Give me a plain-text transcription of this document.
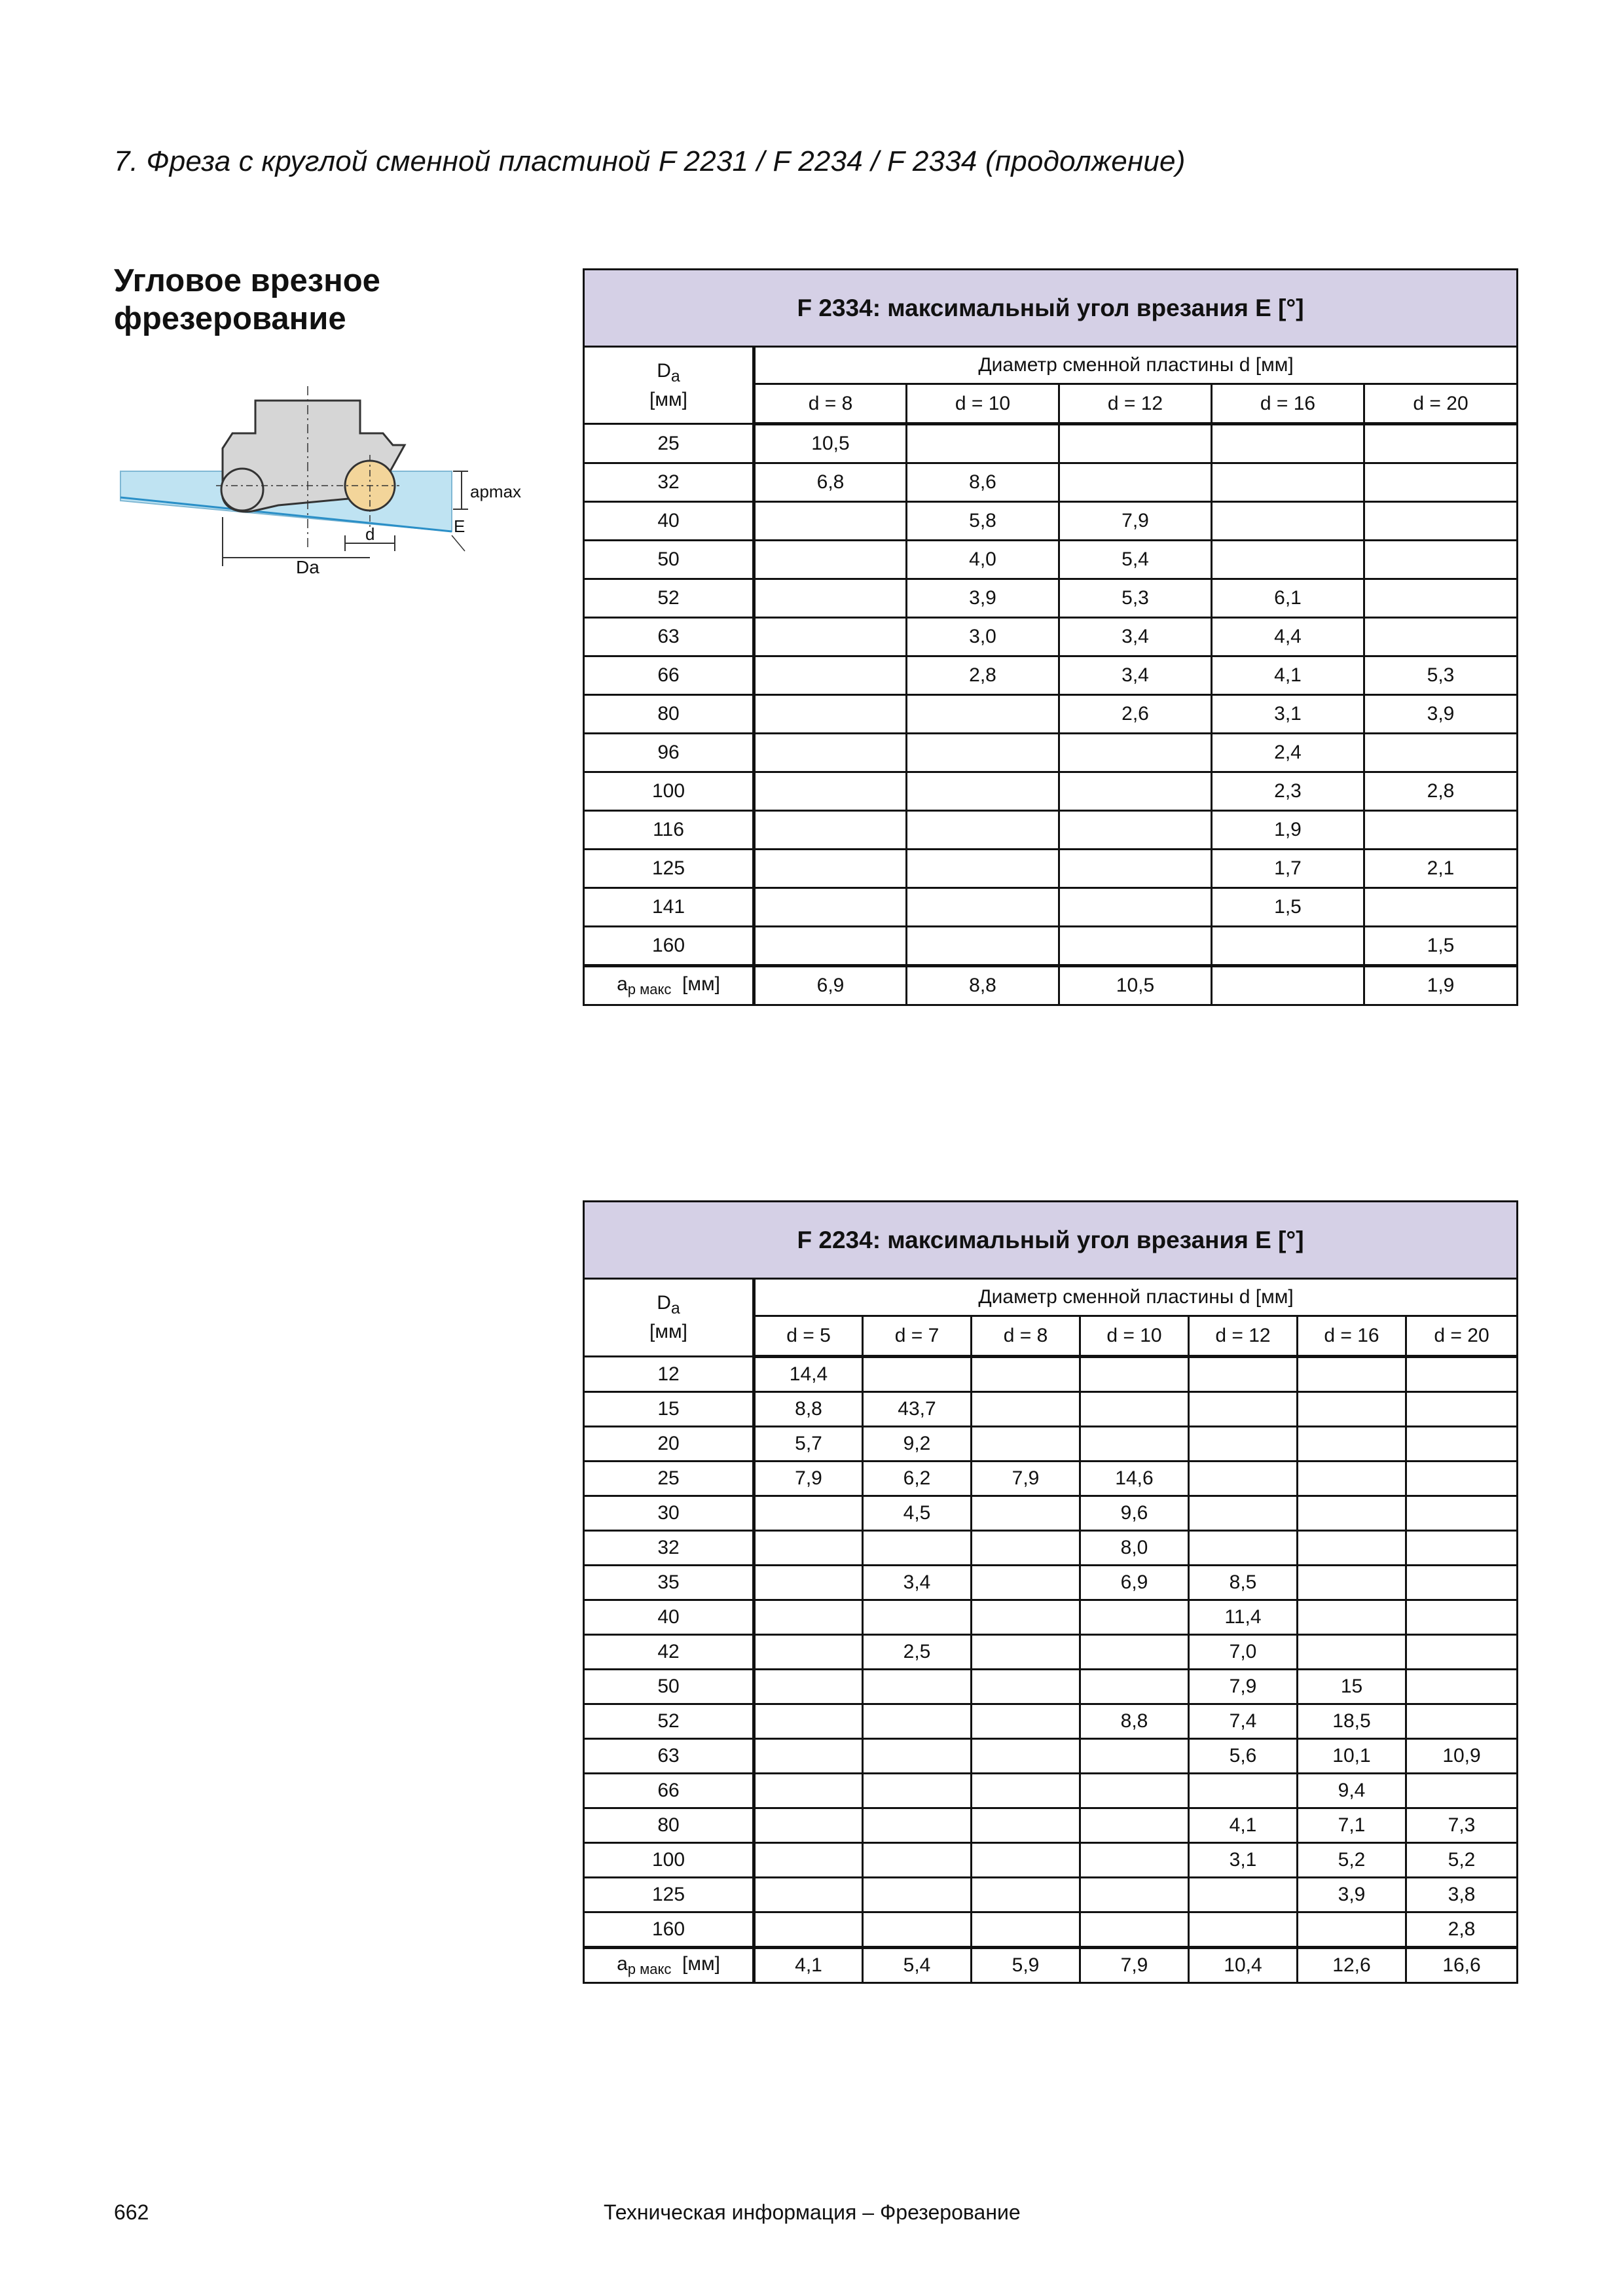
7. Фреза с круглой сменной пластиной F 2231 / F 2234 / F 2334 (продолжение)
Угловое врезное
фрезерование
apmax
E
d
Da
F 2334: максимальный угол врезания E [°]					
$D_a$
[мм]	Диаметр сменной пластины d [мм]				
	d = 8	d = 10	d = 12	d = 16	d = 20
25	10,5				
32	6,8	8,6			
40		5,8	7,9		
50		4,0	5,4		
52		3,9	5,3	6,1	
63		3,0	3,4	4,4	
66		2,8	3,4	4,1	5,3
80			2,6	3,1	3,9
96				2,4	
100				2,3	2,8
116				1,9	
125				1,7	2,1
141				1,5	
160					1,5
$a_{p макс}$ [мм]	6,9	8,8	10,5		1,9
F 2234: максимальный угол врезания E [°]							
$D_a$
[мм]	Диаметр сменной пластины d [мм]						
	d = 5	d = 7	d = 8	d = 10	d = 12	d = 16	d = 20
12	14,4						
15	8,8	43,7					
20	5,7	9,2					
25	7,9	6,2	7,9	14,6			
30		4,5		9,6			
32				8,0			
35		3,4		6,9	8,5		
40					11,4		
42		2,5			7,0		
50					7,9	15	
52				8,8	7,4	18,5	
63					5,6	10,1	10,9
66						9,4	
80					4,1	7,1	7,3
100					3,1	5,2	5,2
125						3,9	3,8
160							2,8
$a_{p макс}$ [мм]	4,1	5,4	5,9	7,9	10,4	12,6	16,6

662	Техническая информация – Фрезерование
